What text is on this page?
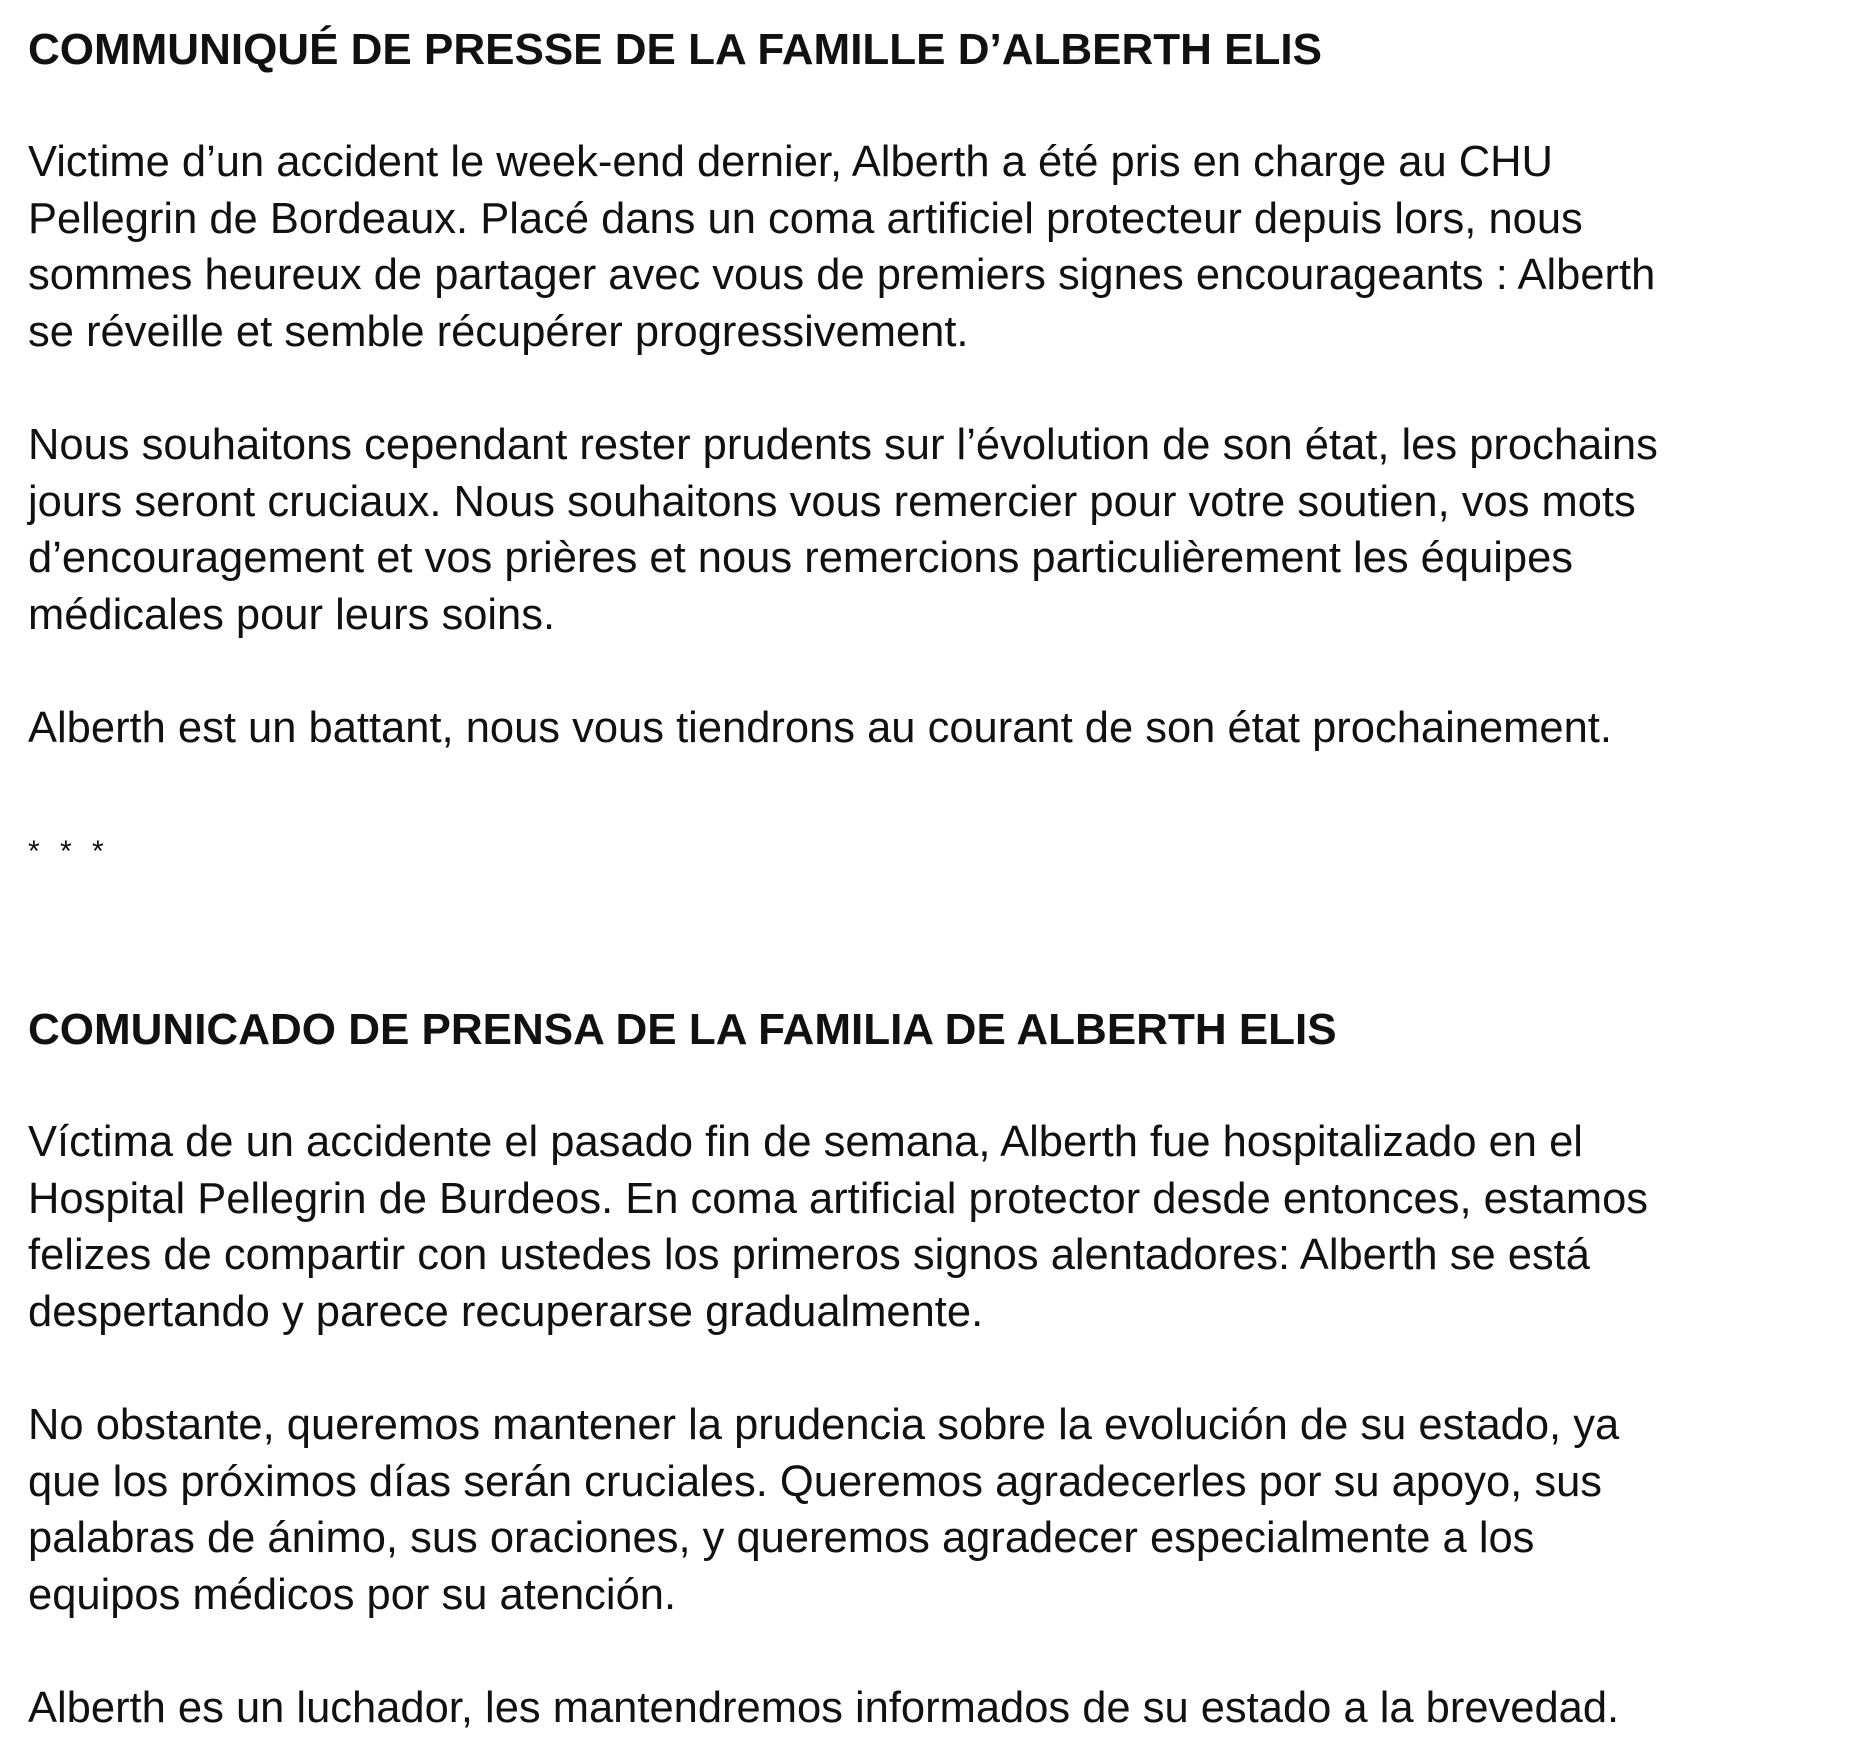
COMMUNIQUÉ DE PRESSE DE LA FAMILLE D’ALBERTH ELIS
Victime d’un accident le week-end dernier, Alberth a été pris en charge au CHU
Pellegrin de Bordeaux. Placé dans un coma artificiel protecteur depuis lors, nous
sommes heureux de partager avec vous de premiers signes encourageants : Alberth
se réveille et semble récupérer progressivement.
Nous souhaitons cependant rester prudents sur l’évolution de son état, les prochains
jours seront cruciaux. Nous souhaitons vous remercier pour votre soutien, vos mots
d’encouragement et vos prières et nous remercions particulièrement les équipes
médicales pour leurs soins.
Alberth est un battant, nous vous tiendrons au courant de son état prochainement.
* * *
COMUNICADO DE PRENSA DE LA FAMILIA DE ALBERTH ELIS
Víctima de un accidente el pasado fin de semana, Alberth fue hospitalizado en el
Hospital Pellegrin de Burdeos. En coma artificial protector desde entonces, estamos
felizes de compartir con ustedes los primeros signos alentadores: Alberth se está
despertando y parece recuperarse gradualmente.
No obstante, queremos mantener la prudencia sobre la evolución de su estado, ya
que los próximos días serán cruciales. Queremos agradecerles por su apoyo, sus
palabras de ánimo, sus oraciones, y queremos agradecer especialmente a los
equipos médicos por su atención.
Alberth es un luchador, les mantendremos informados de su estado a la brevedad.
